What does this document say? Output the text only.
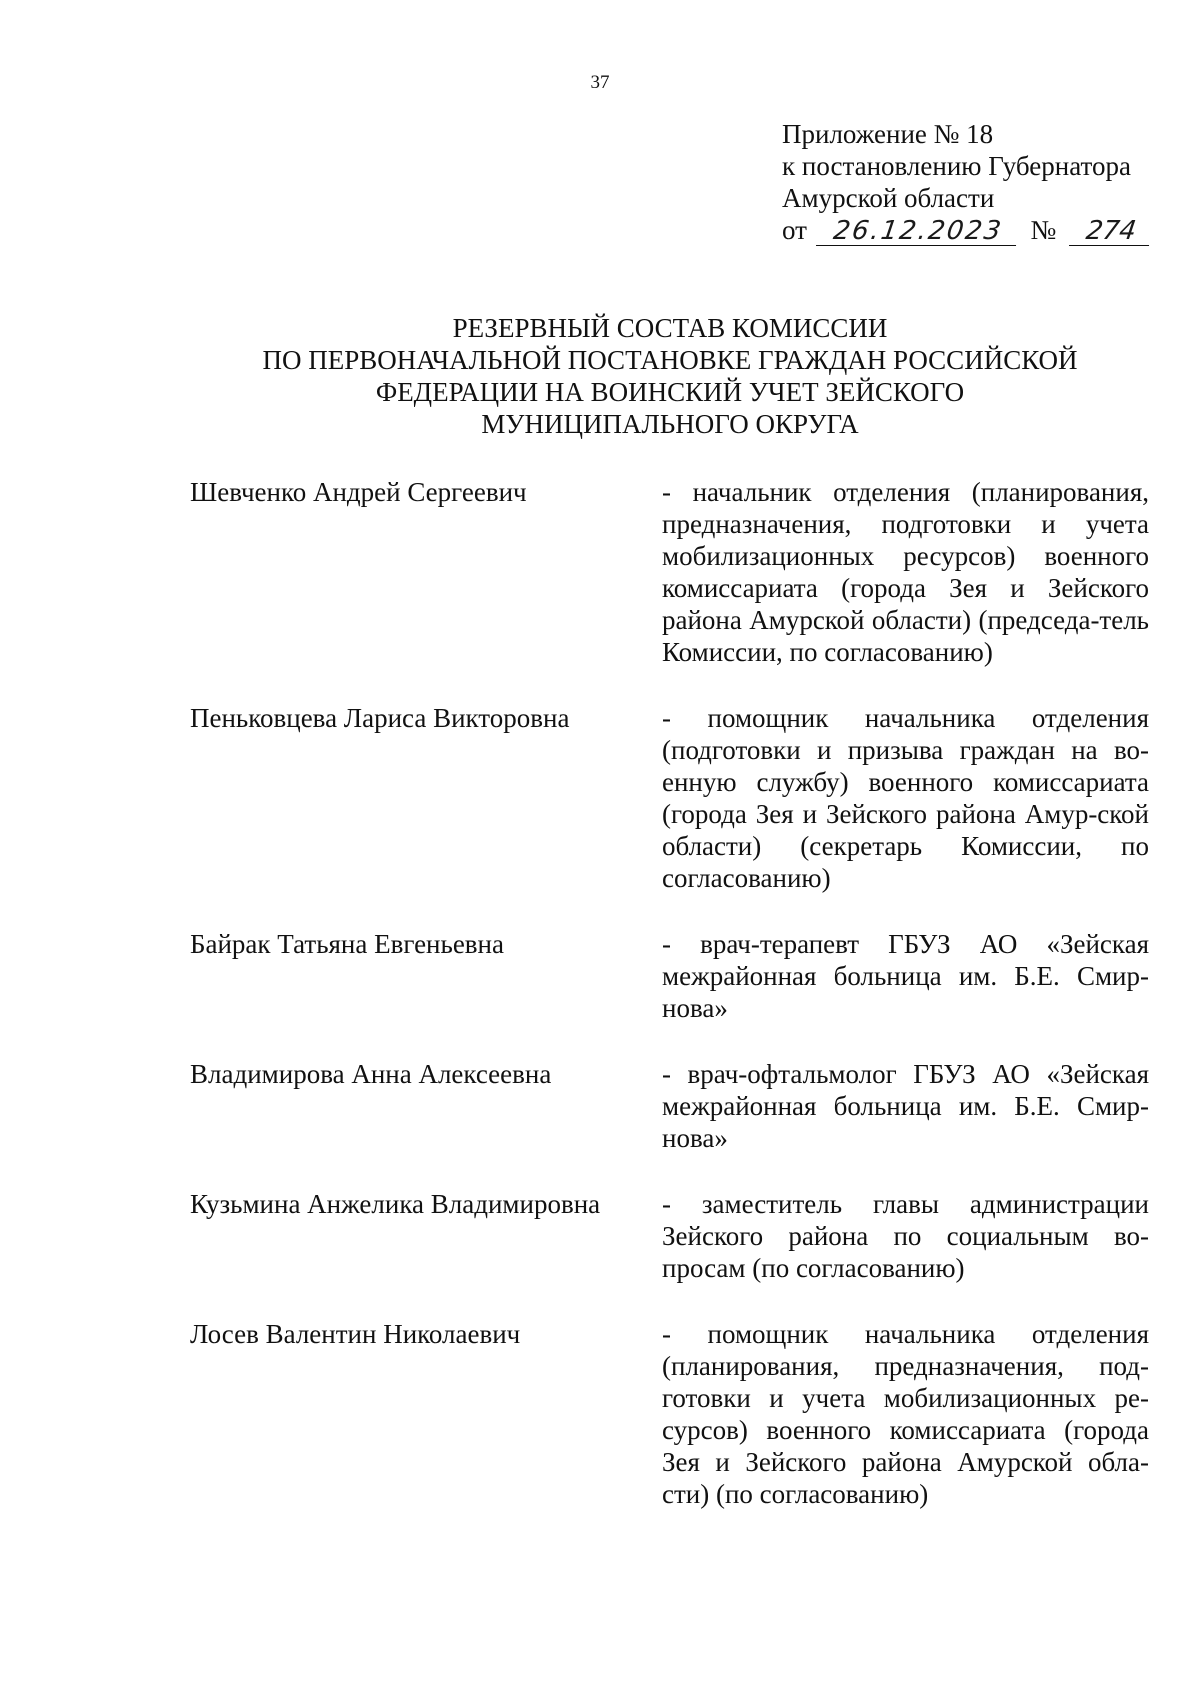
37
Приложение № 18
к постановлению Губернатора
Амурской области
от 26.12.2023 № 274
РЕЗЕРВНЫЙ СОСТАВ КОМИССИИ
ПО ПЕРВОНАЧАЛЬНОЙ ПОСТАНОВКЕ ГРАЖДАН РОССИЙСКОЙ
ФЕДЕРАЦИИ НА ВОИНСКИЙ УЧЕТ ЗЕЙСКОГО
МУНИЦИПАЛЬНОГО ОКРУГА
Шевченко Андрей Сергеевич	- начальник отделения (планирования, предназначения, подготовки и учета мобилизационных ресурсов) военного комиссариата (города Зея и Зейского района Амурской области) (председа-тель Комиссии, по согласованию)
Пеньковцева Лариса Викторовна	- помощник начальника отделения (подготовки и призыва граждан на во-енную службу) военного комиссариата (города Зея и Зейского района Амур-ской области) (секретарь Комиссии, по согласованию)
Байрак Татьяна Евгеньевна	- врач-терапевт ГБУЗ АО «Зейская межрайонная больница им. Б.Е. Смир-нова»
Владимирова Анна Алексеевна	- врач-офтальмолог ГБУЗ АО «Зейская межрайонная больница им. Б.Е. Смир-нова»
Кузьмина Анжелика Владимировна	- заместитель главы администрации Зейского района по социальным во-просам (по согласованию)
Лосев Валентин Николаевич	- помощник начальника отделения (планирования, предназначения, под-готовки и учета мобилизационных ре-сурсов) военного комиссариата (города Зея и Зейского района Амурской обла-сти) (по согласованию)
